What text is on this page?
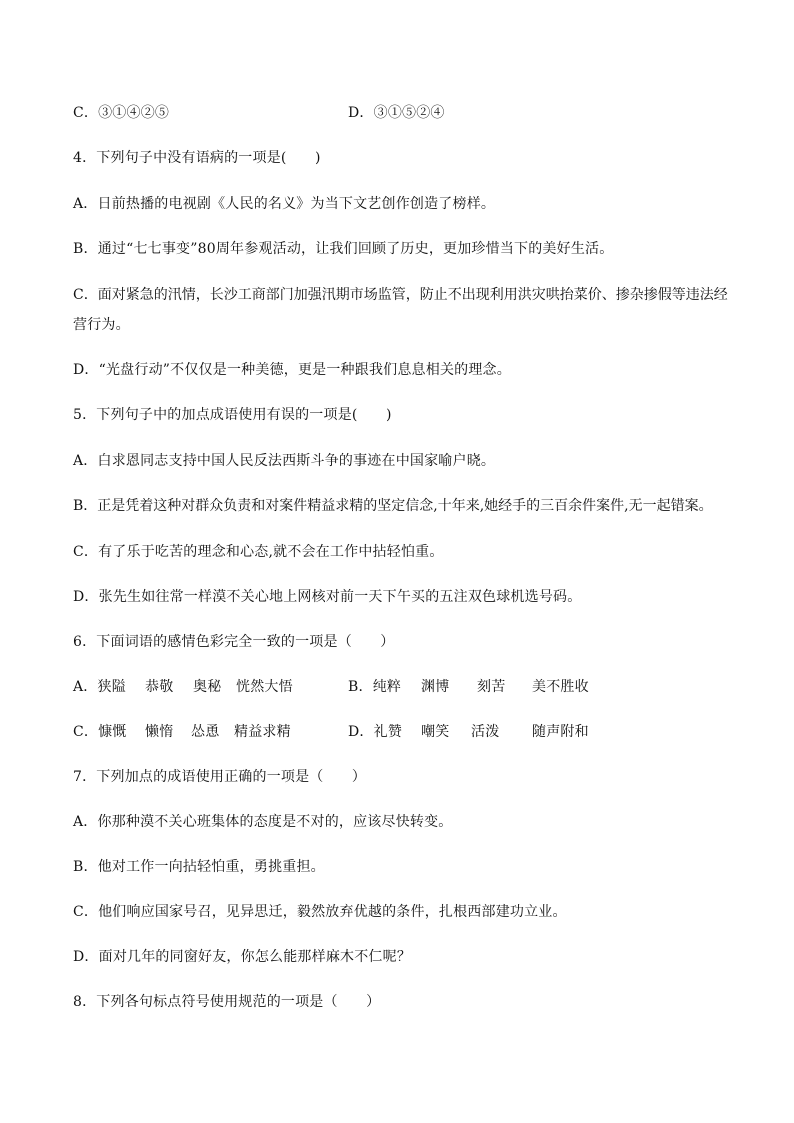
C．③①④②⑤	D．③①⑤②④
4．下列句子中没有语病的一项是(　　)
A．日前热播的电视剧《人民的名义》为当下文艺创作创造了榜样。
B．通过“七七事变”80周年参观活动，让我们回顾了历史，更加珍惜当下的美好生活。
C．面对紧急的汛情，长沙工商部门加强汛期市场监管，防止不出现利用洪灾哄抬菜价、掺杂掺假等违法经
营行为。
D．“光盘行动”不仅仅是一种美德，更是一种跟我们息息相关的理念。
5．下列句子中的加点成语使用有误的一项是(　　)
A．白求恩同志支持中国人民反法西斯斗争的事迹在中国家喻户晓。
B．正是凭着这种对群众负责和对案件精益求精的坚定信念,十年来,她经手的三百余件案件,无一起错案。
C．有了乐于吃苦的理念和心态,就不会在工作中拈轻怕重。
D．张先生如往常一样漠不关心地上网核对前一天下午买的五注双色球机选号码。
6．下面词语的感情色彩完全一致的一项是（　　）
A．狭隘 恭敬 奥秘 恍然大悟	B．纯粹 渊博 刻苦 美不胜收
C．慷慨 懒惰 怂恿 精益求精	D．礼赞 嘲笑 活泼 随声附和
7．下列加点的成语使用正确的一项是（　　）
A．你那种漠不关心班集体的态度是不对的，应该尽快转变。
B．他对工作一向拈轻怕重，勇挑重担。
C．他们响应国家号召，见异思迁，毅然放弃优越的条件，扎根西部建功立业。
D．面对几年的同窗好友，你怎么能那样麻木不仁呢？
8．下列各句标点符号使用规范的一项是（　　）
